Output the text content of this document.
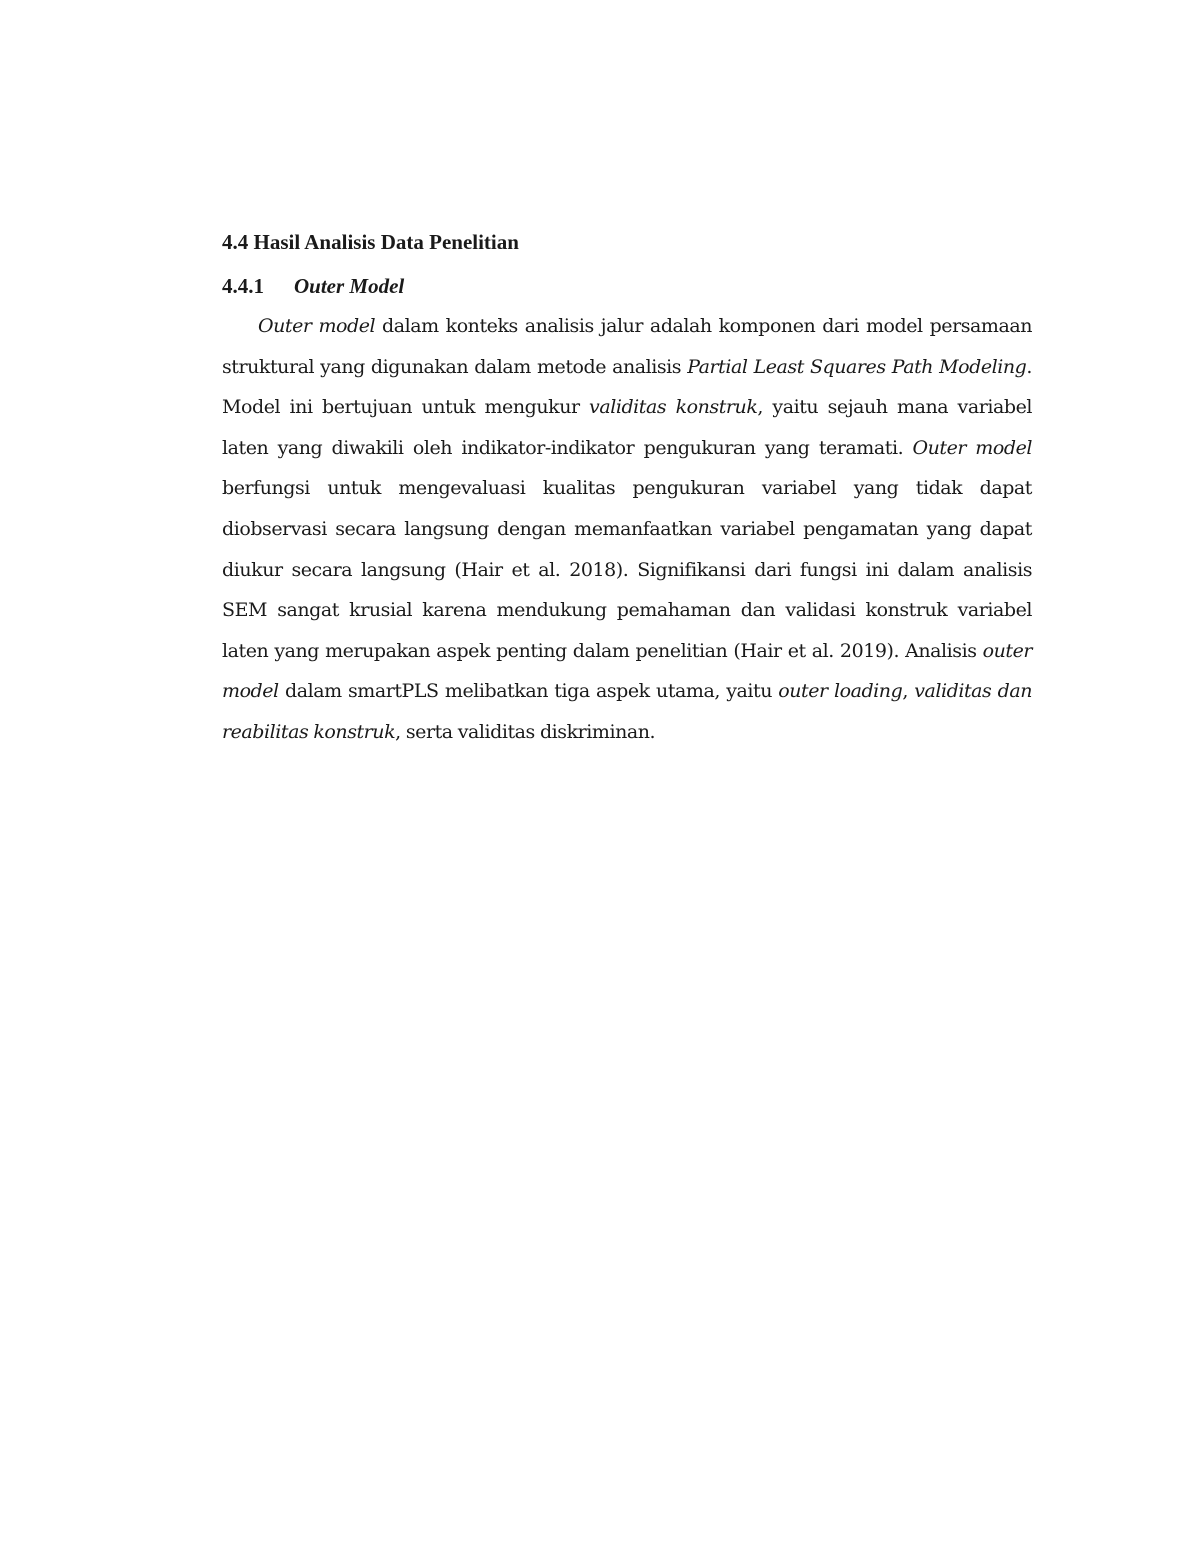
4.4 Hasil Analisis Data Penelitian
4.4.1 Outer Model

Outer model dalam konteks analisis jalur adalah komponen dari model persamaan struktural yang digunakan dalam metode analisis Partial Least Squares Path Modeling. Model ini bertujuan untuk mengukur validitas konstruk, yaitu sejauh mana variabel laten yang diwakili oleh indikator-indikator pengukuran yang teramati. Outer model berfungsi untuk mengevaluasi kualitas pengukuran variabel yang tidak dapat diobservasi secara langsung dengan memanfaatkan variabel pengamatan yang dapat diukur secara langsung (Hair et al. 2018). Signifikansi dari fungsi ini dalam analisis SEM sangat krusial karena mendukung pemahaman dan validasi konstruk variabel laten yang merupakan aspek penting dalam penelitian (Hair et al. 2019). Analisis outer model dalam smartPLS melibatkan tiga aspek utama, yaitu outer loading, validitas dan reabilitas konstruk, serta validitas diskriminan.
